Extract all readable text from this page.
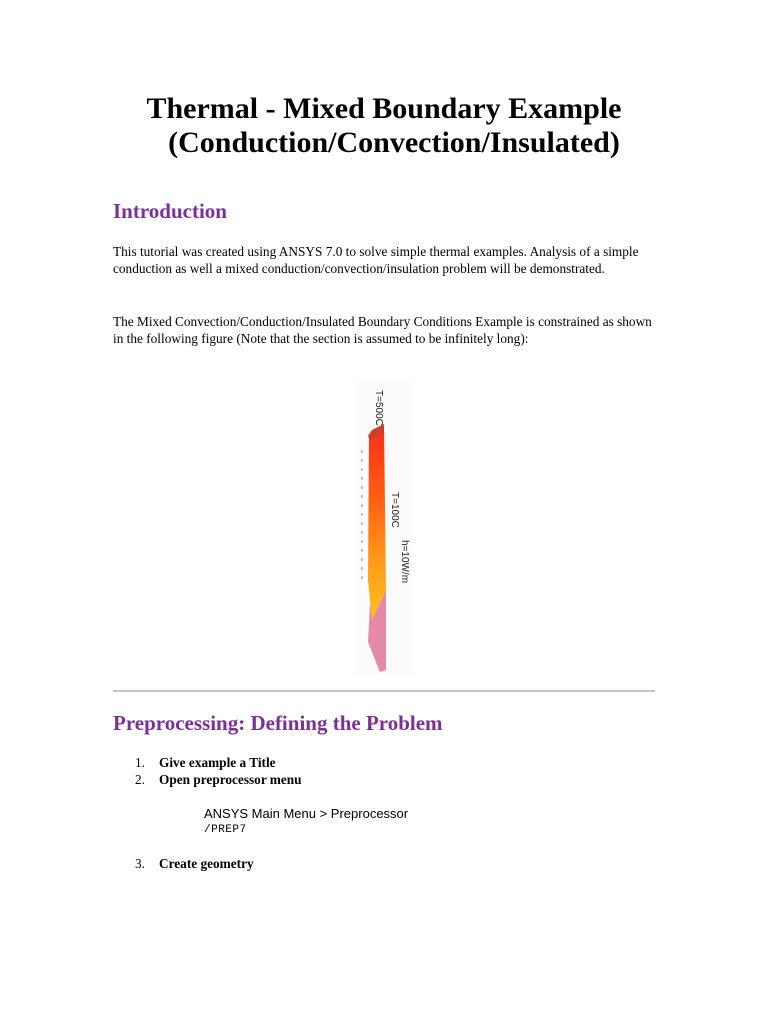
Thermal - Mixed Boundary Example
(Conduction/Convection/Insulated)
Introduction
This tutorial was created using ANSYS 7.0 to solve simple thermal examples. Analysis of a simple conduction as well a mixed conduction/convection/insulation problem will be demonstrated.
The Mixed Convection/Conduction/Insulated Boundary Conditions Example is constrained as shown in the following figure (Note that the section is assumed to be infinitely long):
T=500C
T=100C
h=10W/m
Preprocessing: Defining the Problem
1.	Give example a Title
2.	Open preprocessor menu
3.	Create geometry
ANSYS Main Menu > Preprocessor
/PREP7
